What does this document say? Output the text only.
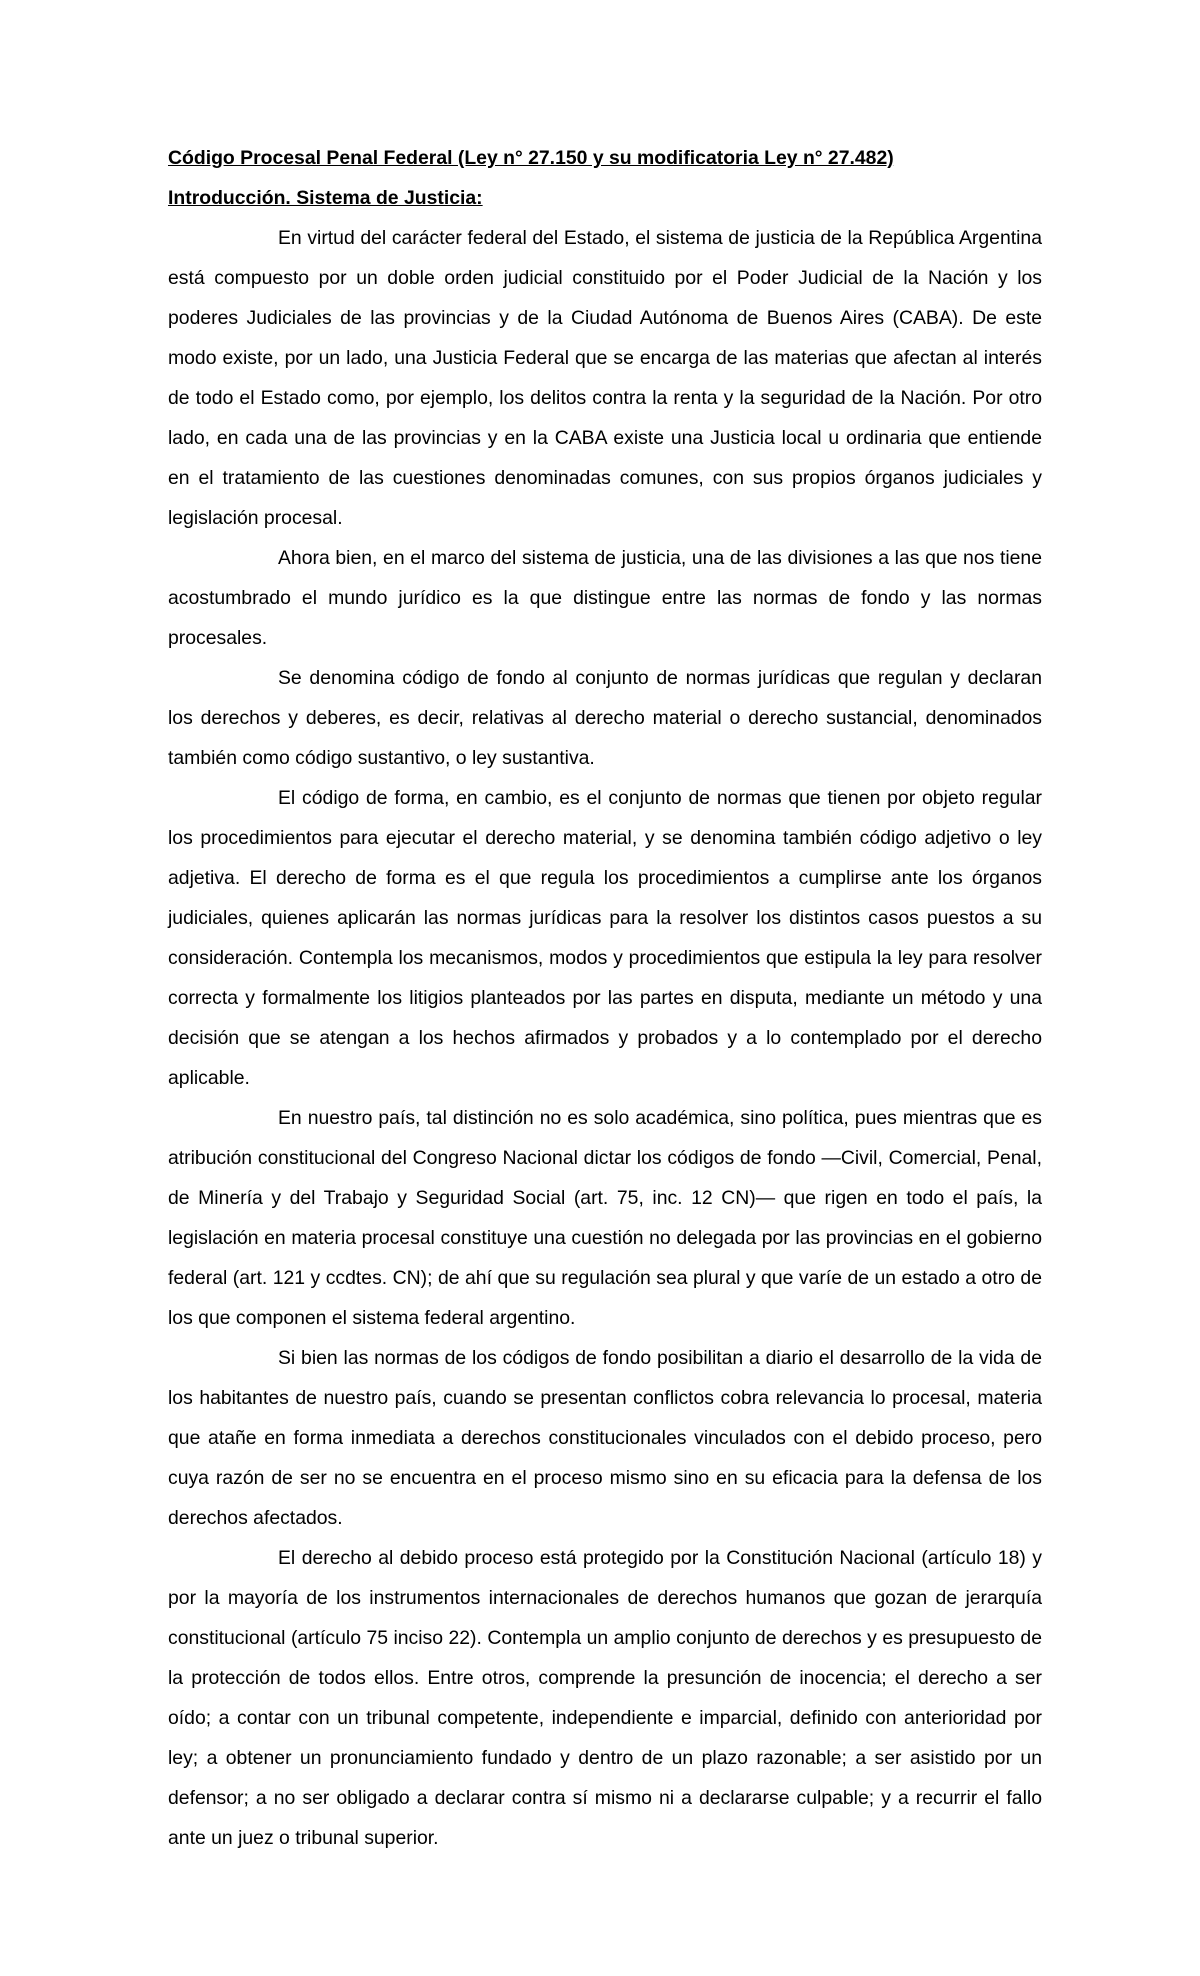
Código Procesal Penal Federal (Ley n° 27.150 y su modificatoria Ley n° 27.482)

Introducción. Sistema de Justicia:

En virtud del carácter federal del Estado, el sistema de justicia de la República Argentina está compuesto por un doble orden judicial constituido por el Poder Judicial de la Nación y los poderes Judiciales de las provincias y de la Ciudad Autónoma de Buenos Aires (CABA). De este modo existe, por un lado, una Justicia Federal que se encarga de las materias que afectan al interés de todo el Estado como, por ejemplo, los delitos contra la renta y la seguridad de la Nación. Por otro lado, en cada una de las provincias y en la CABA existe una Justicia local u ordinaria que entiende en el tratamiento de las cuestiones denominadas comunes, con sus propios órganos judiciales y legislación procesal.

Ahora bien, en el marco del sistema de justicia, una de las divisiones a las que nos tiene acostumbrado el mundo jurídico es la que distingue entre las normas de fondo y las normas procesales.

Se denomina código de fondo al conjunto de normas jurídicas que regulan y declaran los derechos y deberes, es decir, relativas al derecho material o derecho sustancial, denominados también como código sustantivo, o ley sustantiva.

El código de forma, en cambio, es el conjunto de normas que tienen por objeto regular los procedimientos para ejecutar el derecho material, y se denomina también código adjetivo o ley adjetiva. El derecho de forma es el que regula los procedimientos a cumplirse ante los órganos judiciales, quienes aplicarán las normas jurídicas para la resolver los distintos casos puestos a su consideración. Contempla los mecanismos, modos y procedimientos que estipula la ley para resolver correcta y formalmente los litigios planteados por las partes en disputa, mediante un método y una decisión que se atengan a los hechos afirmados y probados y a lo contemplado por el derecho aplicable.

En nuestro país, tal distinción no es solo académica, sino política, pues mientras que es atribución constitucional del Congreso Nacional dictar los códigos de fondo —Civil, Comercial, Penal, de Minería y del Trabajo y Seguridad Social (art. 75, inc. 12 CN)— que rigen en todo el país, la legislación en materia procesal constituye una cuestión no delegada por las provincias en el gobierno federal (art. 121 y ccdtes. CN); de ahí que su regulación sea plural y que varíe de un estado a otro de los que componen el sistema federal argentino.

Si bien las normas de los códigos de fondo posibilitan a diario el desarrollo de la vida de los habitantes de nuestro país, cuando se presentan conflictos cobra relevancia lo procesal, materia que atañe en forma inmediata a derechos constitucionales vinculados con el debido proceso, pero cuya razón de ser no se encuentra en el proceso mismo sino en su eficacia para la defensa de los derechos afectados.

El derecho al debido proceso está protegido por la Constitución Nacional (artículo 18) y por la mayoría de los instrumentos internacionales de derechos humanos que gozan de jerarquía constitucional (artículo 75 inciso 22). Contempla un amplio conjunto de derechos y es presupuesto de la protección de todos ellos. Entre otros, comprende la presunción de inocencia; el derecho a ser oído; a contar con un tribunal competente, independiente e imparcial, definido con anterioridad por ley; a obtener un pronunciamiento fundado y dentro de un plazo razonable; a ser asistido por un defensor; a no ser obligado a declarar contra sí mismo ni a declararse culpable; y a recurrir el fallo ante un juez o tribunal superior.
